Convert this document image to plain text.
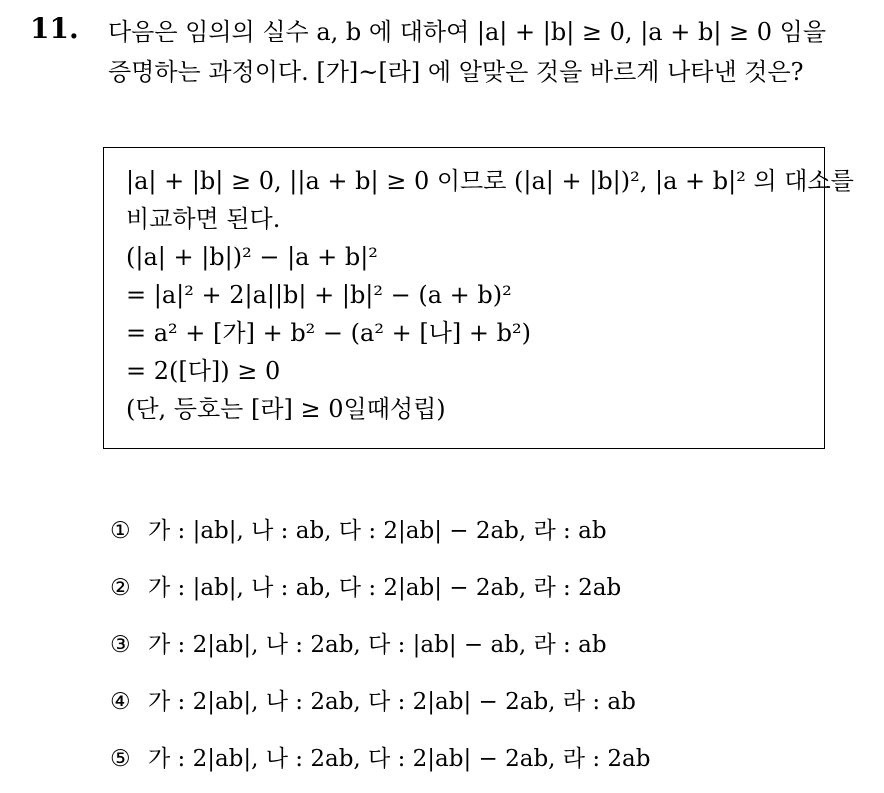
11. 다음은 임의의 실수 a, b 에 대하여 |a| + |b| ≥ 0, |a + b| ≥ 0 임을
증명하는 과정이다. [가]~[라] 에 알맞은 것을 바르게 나타낸 것은?
|a| + |b| ≥ 0, ||a + b| ≥ 0 이므로 (|a| + |b|)², |a + b|² 의 대소를
비교하면 된다.
(|a| + |b|)² − |a + b|²
= |a|² + 2|a||b| + |b|² − (a + b)²
= a² + [가] + b² − (a² + [나] + b²)
= 2([다]) ≥ 0
(단, 등호는 [라] ≥ 0일때성립)
① 가 : |ab|, 나 : ab, 다 : 2|ab| − 2ab, 라 : ab
② 가 : |ab|, 나 : ab, 다 : 2|ab| − 2ab, 라 : 2ab
③ 가 : 2|ab|, 나 : 2ab, 다 : |ab| − ab, 라 : ab
④ 가 : 2|ab|, 나 : 2ab, 다 : 2|ab| − 2ab, 라 : ab
⑤ 가 : 2|ab|, 나 : 2ab, 다 : 2|ab| − 2ab, 라 : 2ab
